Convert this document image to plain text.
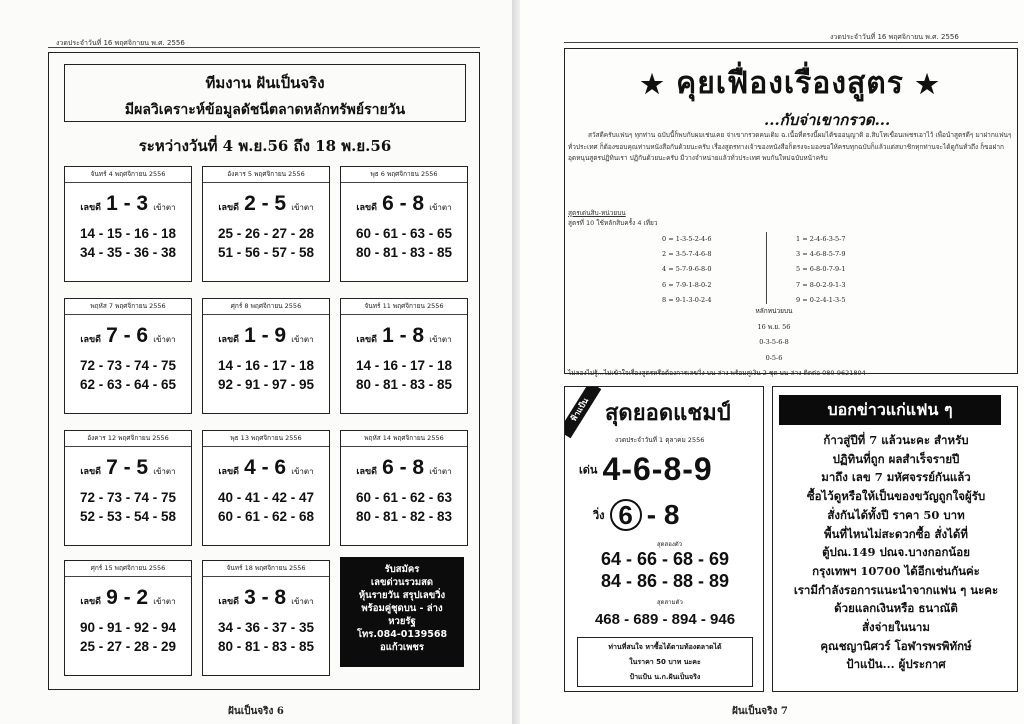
งวดประจำวันที่ 16 พฤศจิกายน พ.ศ. 2556
ทีมงาน ฝันเป็นจริง
มีผลวิเคราะห์ข้อมูลดัชนีตลาดหลักทรัพย์รายวัน
ระหว่างวันที่ 4 พ.ย.56 ถึง 18 พ.ย.56
จันทร์ 4 พฤศจิกายน 2556
เลขดี 1 - 3 เข้าตา
14 - 15 - 16 - 18
34 - 35 - 36 - 38
อังคาร 5 พฤศจิกายน 2556
เลขดี 2 - 5 เข้าตา
25 - 26 - 27 - 28
51 - 56 - 57 - 58
พุธ 6 พฤศจิกายน 2556
เลขดี 6 - 8 เข้าตา
60 - 61 - 63 - 65
80 - 81 - 83 - 85
พฤหัส 7 พฤศจิกายน 2556
เลขดี 7 - 6 เข้าตา
72 - 73 - 74 - 75
62 - 63 - 64 - 65
ศุกร์ 8 พฤศจิกายน 2556
เลขดี 1 - 9 เข้าตา
14 - 16 - 17 - 18
92 - 91 - 97 - 95
จันทร์ 11 พฤศจิกายน 2556
เลขดี 1 - 8 เข้าตา
14 - 16 - 17 - 18
80 - 81 - 83 - 85
อังคาร 12 พฤศจิกายน 2556
เลขดี 7 - 5 เข้าตา
72 - 73 - 74 - 75
52 - 53 - 54 - 58
พุธ 13 พฤศจิกายน 2556
เลขดี 4 - 6 เข้าตา
40 - 41 - 42 - 47
60 - 61 - 62 - 68
พฤหัส 14 พฤศจิกายน 2556
เลขดี 6 - 8 เข้าตา
60 - 61 - 62 - 63
80 - 81 - 82 - 83
ศุกร์ 15 พฤศจิกายน 2556
เลขดี 9 - 2 เข้าตา
90 - 91 - 92 - 94
25 - 27 - 28 - 29
จันทร์ 18 พฤศจิกายน 2556
เลขดี 3 - 8 เข้าตา
34 - 36 - 37 - 35
80 - 81 - 83 - 85
รับสมัคร
เลขด่วนรวมสด
หุ้นรายวัน สรุปเลขวิ่ง
พร้อมคู่ชุดบน - ล่าง
หวยรัฐ
โทร.084-0139568
อแก้วเพชร
ฝันเป็นจริง 6
งวดประจำวันที่ 16 พฤศจิกายน พ.ศ. 2556
★ คุยเฟื่องเรื่องสูตร ★
...กับจ่าเขากรวด...
สวัสดีครับแฟนๆ ทุกท่าน ฉบับนี้ก็พบกับผมเช่นเคย จ่าเขากรวดคนเดิม ฉ.เนื้อที่ตรงนี้ผมได้ขออนุญาติ อ.สิบโทเขื่อนเพชรเอาไว้ เพื่อนำสูตรดีๆ มาฝากแฟนๆ ทั่วประเทศ ก็ต้องขอบคุณท่านหนังสือกันด้วยนะครับ เรื่องสูตรทางเจ้าของหนังสือก็ตรงจะมองขอให้ครบทุกฉบับก็แล้วแต่สมาชิกทุกท่านจะได้ดูกันทั่วถึง ก็ขอฝากอุดหนุนสูตรปฏิทินเรา ปฏิกันด้วยนะครับ มีวางจำหน่ายแล้วทั่วประเทศ พบกันใหม่ฉบับหน้าครับ
สูตรเด่นสิบ-หน่วยบน
สูตรที่ 10 ใช้หลักสิบครั้ง 4 เที่ยว
0 = 1-3-5-2-4-6
2 = 3-5-7-4-6-8
4 = 5-7-9-6-8-0
6 = 7-9-1-8-0-2
8 = 9-1-3-0-2-4
1 = 2-4-6-3-5-7
3 = 4-6-8-5-7-9
5 = 6-8-0-7-9-1
7 = 8-0-2-9-1-3
9 = 0-2-4-1-3-5
หลักหน่วยบน
16 พ.ย. 56
0-3-5-6-8
0-5-6
ไม่ลองไม่รู้...ไม่เข้าใจเรื่องสูตรหรือต้องการเลขวิ่ง บน-ล่าง พร้อมคู่เงิน 2 ชุด บน-ล่าง ติดต่อ 080-9621804
ฟ้าแป้น สุดยอดแชมป์
งวดประจำวันที่ 1 ตุลาคม 2556
เด่น 4-6-8-9
วิ่ง 6 - 8
สุดสองตัว
64 - 66 - 68 - 69
84 - 86 - 88 - 89
สุดสามตัว
468 - 689 - 894 - 946
ท่านที่สนใจ หาซื้อได้ตามท้องตลาดได้
ในราคา 50 บาท นะคะ
ป้าแป้น น.ก.ฝันเป็นจริง
บอกข่าวแก่แฟน ๆ
ก้าวสู่ปีที่ 7 แล้วนะคะ สำหรับ
ปฏิทินที่ถูก ผลสำเร็จรายปี
มาถึง เลข 7 มหัศจรรย์กันแล้ว
ซื้อไว้ดูหรือให้เป็นของขวัญถูกใจผู้รับ
สั่งกันได้ทั้งปี ราคา 50 บาท
พื้นที่ไหนไม่สะดวกซื้อ สั่งได้ที่
ตู้ปณ.149 ปณจ.บางกอกน้อย
กรุงเทพฯ 10700 ได้อีกเช่นกันค่ะ
เรามีกำลังรอการแนะนำจากแฟน ๆ นะคะ
ด้วยแลกเงินหรือ ธนาณัติ
สั่งจ่ายในนาม
คุณชญานิศวร์ โอฬารพรพิทักษ์
ป้าแป้น... ผู้ประกาศ
ฝันเป็นจริง 7
